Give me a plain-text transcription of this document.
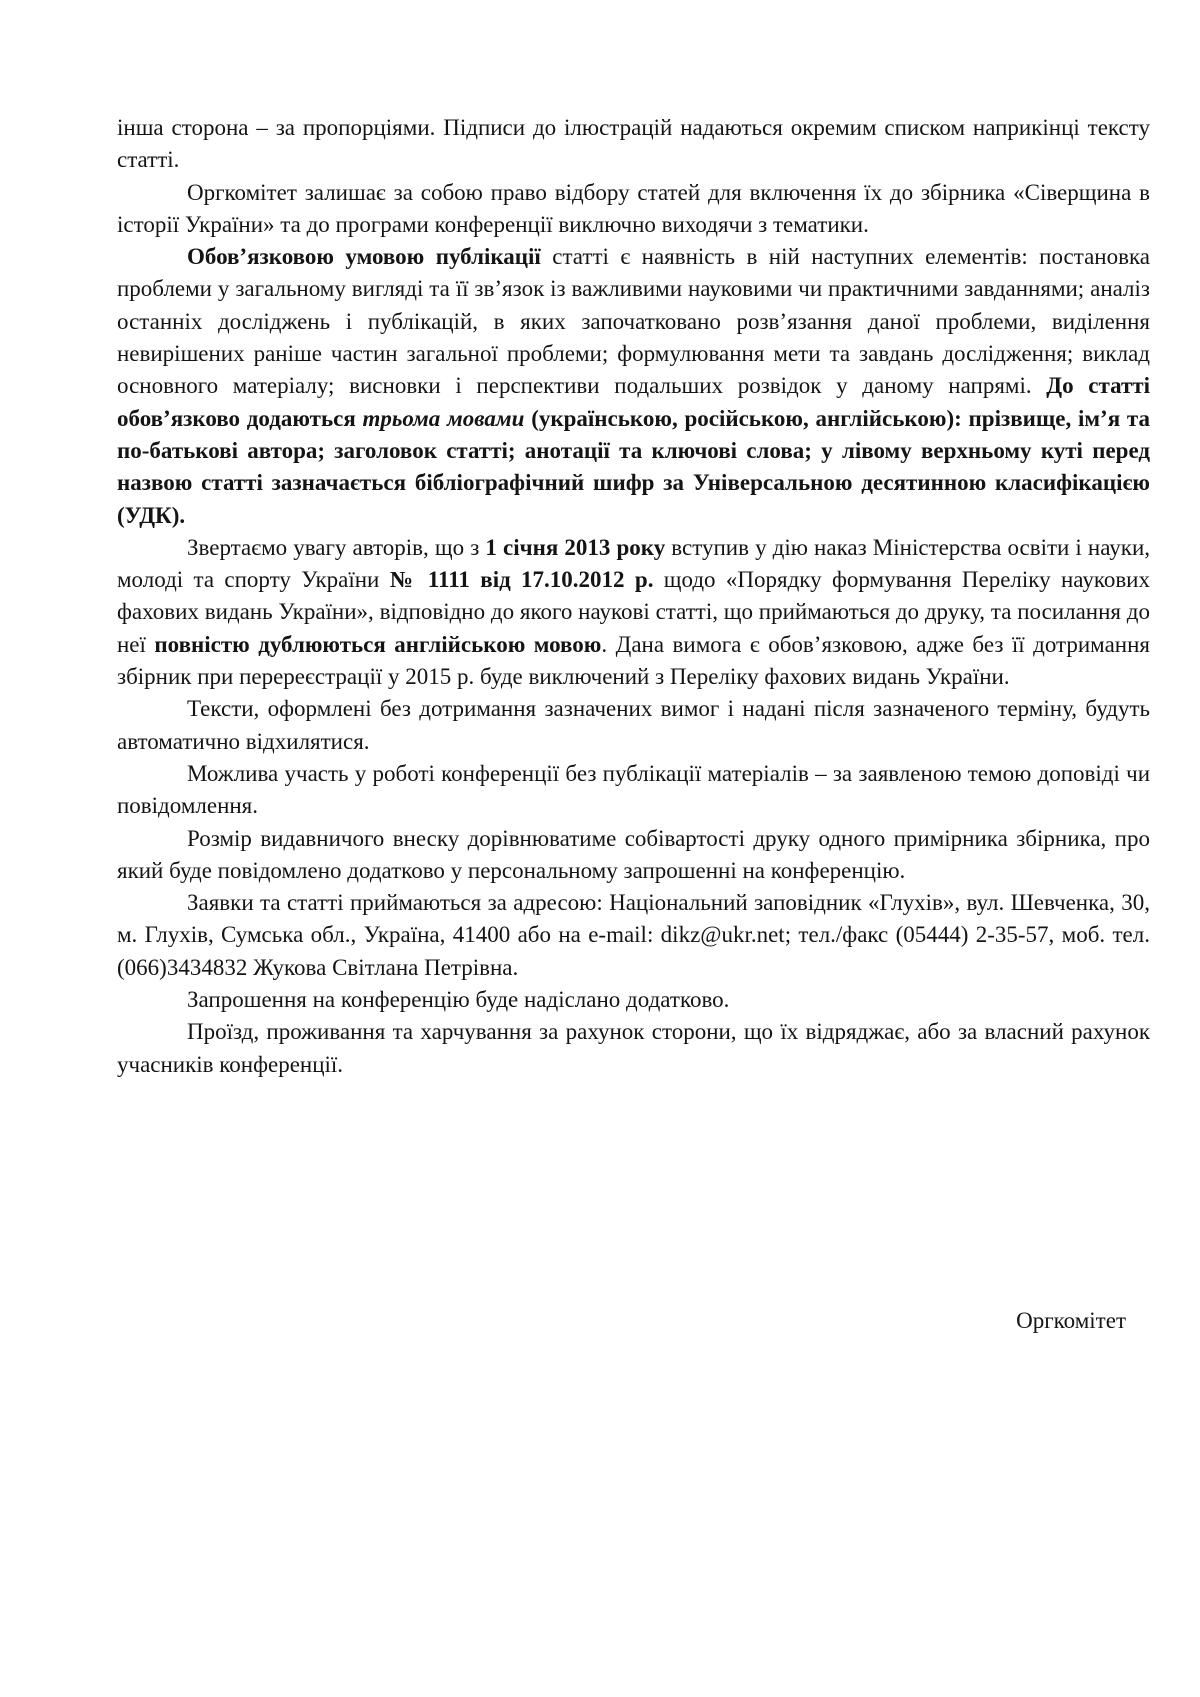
інша сторона – за пропорціями. Підписи до ілюстрацій надаються окремим списком наприкінці тексту статті.

Оргкомітет залишає за собою право відбору статей для включення їх до збірника «Сіверщина в історії України» та до програми конференції виключно виходячи з тематики.

Обов’язковою умовою публікації статті є наявність в ній наступних елементів: постановка проблеми у загальному вигляді та її зв’язок із важливими науковими чи практичними завданнями; аналіз останніх досліджень і публікацій, в яких започатковано розв’язання даної проблеми, виділення невирішених раніше частин загальної проблеми; формулювання мети та завдань дослідження; виклад основного матеріалу; висновки і перспективи подальших розвідок у даному напрямі. До статті обов’язково додаються трьома мовами (українською, російською, англійською): прізвище, ім’я та по-батькові автора; заголовок статті; анотації та ключові слова; у лівому верхньому куті перед назвою статті зазначається бібліографічний шифр за Універсальною десятинною класифікацією (УДК).

Звертаємо увагу авторів, що з 1 січня 2013 року вступив у дію наказ Міністерства освіти і науки, молоді та спорту України № 1111 від 17.10.2012 р. щодо «Порядку формування Переліку наукових фахових видань України», відповідно до якого наукові статті, що приймаються до друку, та посилання до неї повністю дублюються англійською мовою. Дана вимога є обов’язковою, адже без її дотримання збірник при перереєстрації у 2015 р. буде виключений з Переліку фахових видань України.

Тексти, оформлені без дотримання зазначених вимог і надані після зазначеного терміну, будуть автоматично відхилятися.

Можлива участь у роботі конференції без публікації матеріалів – за заявленою темою доповіді чи повідомлення.

Розмір видавничого внеску дорівнюватиме собівартості друку одного примірника збірника, про який буде повідомлено додатково у персональному запрошенні на конференцію.

Заявки та статті приймаються за адресою: Національний заповідник «Глухів», вул. Шевченка, 30, м. Глухів, Сумська обл., Україна, 41400 або на e-mail: dikz@ukr.net; тел./факс (05444) 2-35-57, моб. тел. (066)3434832 Жукова Світлана Петрівна.

Запрошення на конференцію буде надіслано додатково.

Проїзд, проживання та харчування за рахунок сторони, що їх відряджає, або за власний рахунок учасників конференції.

Оргкомітет
